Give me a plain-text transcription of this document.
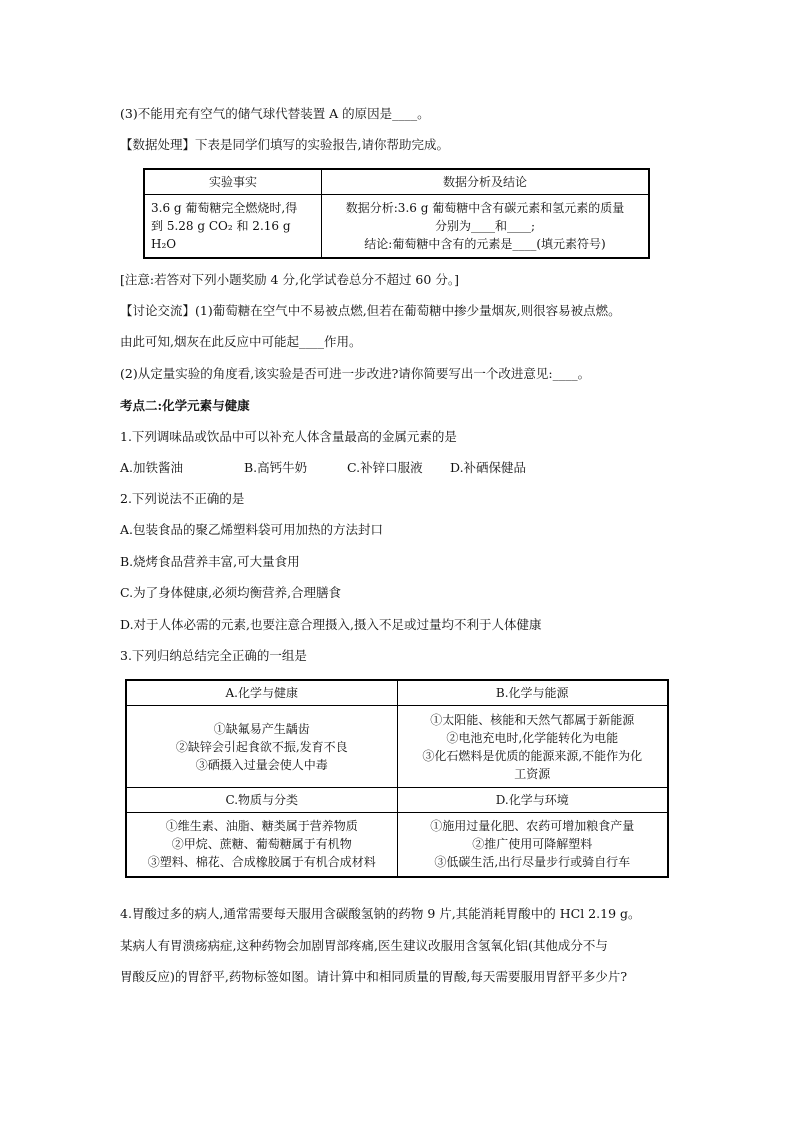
(3)不能用充有空气的储气球代替装置 A 的原因是____。
【数据处理】下表是同学们填写的实验报告,请你帮助完成。
实验事实	数据分析及结论

3.6 g 葡萄糖完全燃烧时,得
到 5.28 g CO₂ 和 2.16 g H₂O	数据分析:3.6 g 葡萄糖中含有碳元素和氢元素的质量
分别为____和____;
结论:葡萄糖中含有的元素是____(填元素符号)
[注意:若答对下列小题奖励 4 分,化学试卷总分不超过 60 分。]
【讨论交流】(1)葡萄糖在空气中不易被点燃,但若在葡萄糖中掺少量烟灰,则很容易被点燃。
由此可知,烟灰在此反应中可能起____作用。
(2)从定量实验的角度看,该实验是否可进一步改进?请你简要写出一个改进意见:____。
考点二:化学元素与健康
1.下列调味品或饮品中可以补充人体含量最高的金属元素的是
A.加铁酱油	B.高钙牛奶	C.补锌口服液 D.补硒保健品
2.下列说法不正确的是
A.包装食品的聚乙烯塑料袋可用加热的方法封口
B.烧烤食品营养丰富,可大量食用
C.为了身体健康,必须均衡营养,合理膳食
D.对于人体必需的元素,也要注意合理摄入,摄入不足或过量均不利于人体健康
3.下列归纳总结完全正确的一组是
A.化学与健康	B.化学与能源

①缺氟易产生龋齿
②缺锌会引起食欲不振,发育不良
③硒摄入过量会使人中毒	①太阳能、核能和天然气都属于新能源
②电池充电时,化学能转化为电能
③化石燃料是优质的能源来源,不能作为化
工资源

C.物质与分类	D.化学与环境

①维生素、油脂、糖类属于营养物质
②甲烷、蔗糖、葡萄糖属于有机物
③塑料、棉花、合成橡胶属于有机合成材料	①施用过量化肥、农药可增加粮食产量
②推广使用可降解塑料
③低碳生活,出行尽量步行或骑自行车
4.胃酸过多的病人,通常需要每天服用含碳酸氢钠的药物 9 片,其能消耗胃酸中的 HCl 2.19 g。
某病人有胃溃疡病症,这种药物会加剧胃部疼痛,医生建议改服用含氢氧化铝(其他成分不与
胃酸反应)的胃舒平,药物标签如图。请计算中和相同质量的胃酸,每天需要服用胃舒平多少片?
